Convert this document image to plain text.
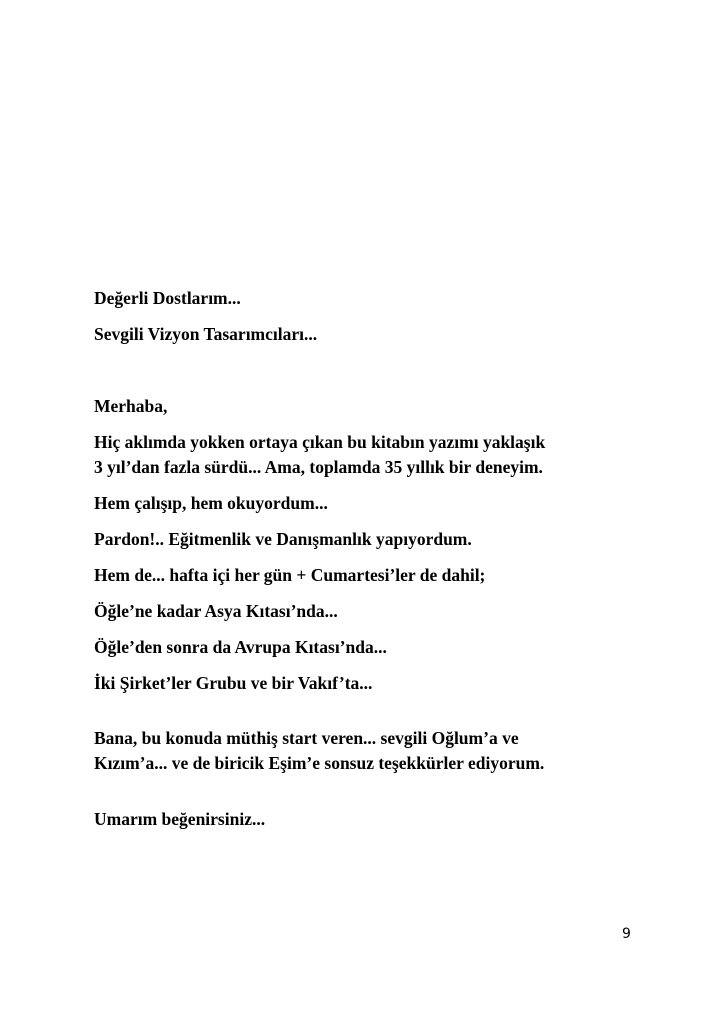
Değerli Dostlarım...

Sevgili Vizyon Tasarımcıları...

Merhaba,

Hiç aklımda yokken ortaya çıkan bu kitabın yazımı yaklaşık
3 yıl’dan fazla sürdü... Ama, toplamda 35 yıllık bir deneyim.

Hem çalışıp, hem okuyordum...

Pardon!.. Eğitmenlik ve Danışmanlık yapıyordum.

Hem de... hafta içi her gün + Cumartesi’ler de dahil;

Öğle’ne kadar Asya Kıtası’nda...

Öğle’den sonra da Avrupa Kıtası’nda...

İki Şirket’ler Grubu ve bir Vakıf’ta...

Bana, bu konuda müthiş start veren... sevgili Oğlum’a ve
Kızım’a... ve de biricik Eşim’e sonsuz teşekkürler ediyorum.

Umarım beğenirsiniz...

9
